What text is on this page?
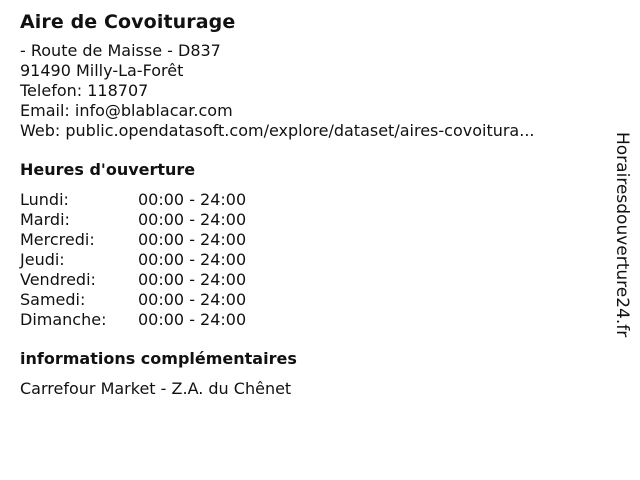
Aire de Covoiturage
- Route de Maisse - D837
91490 Milly-La-Forêt
Telefon: 118707
Email: info@blablacar.com
Web: public.opendatasoft.com/explore/dataset/aires-covoitura...
Heures d'ouverture
Lundi:	00:00 - 24:00
Mardi:	00:00 - 24:00
Mercredi:	00:00 - 24:00
Jeudi:	00:00 - 24:00
Vendredi:	00:00 - 24:00
Samedi:	00:00 - 24:00
Dimanche:	00:00 - 24:00
informations complémentaires
Carrefour Market - Z.A. du Chênet
Horairesdouverture24.fr
